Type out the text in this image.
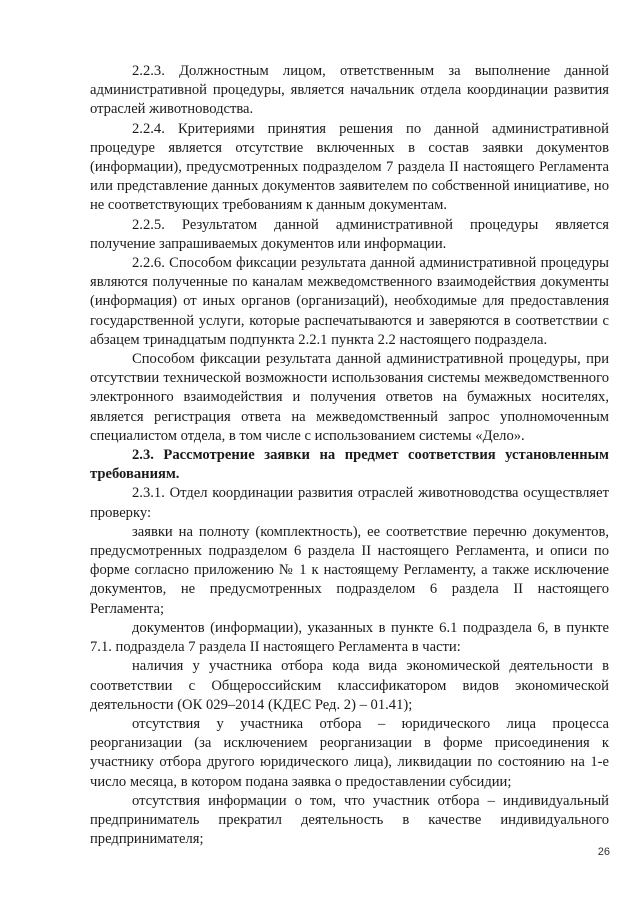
2.2.3. Должностным лицом, ответственным за выполнение данной административной процедуры, является начальник отдела координации развития отраслей животноводства.

2.2.4. Критериями принятия решения по данной административной процедуре является отсутствие включенных в состав заявки документов (информации), предусмотренных подразделом 7 раздела II настоящего Регламента или представление данных документов заявителем по собственной инициативе, но не соответствующих требованиям к данным документам.

2.2.5. Результатом данной административной процедуры является получение запрашиваемых документов или информации.

2.2.6. Способом фиксации результата данной административной процедуры являются полученные по каналам межведомственного взаимодействия документы (информация) от иных органов (организаций), необходимые для предоставления государственной услуги, которые распечатываются и заверяются в соответствии с абзацем тринадцатым подпункта 2.2.1 пункта 2.2 настоящего подраздела.

Способом фиксации результата данной административной процедуры, при отсутствии технической возможности использования системы межведомственного электронного взаимодействия и получения ответов на бумажных носителях, является регистрация ответа на межведомственный запрос уполномоченным специалистом отдела, в том числе с использованием системы «Дело».

2.3. Рассмотрение заявки на предмет соответствия установленным требованиям.

2.3.1. Отдел координации развития отраслей животноводства осуществляет проверку:

заявки на полноту (комплектность), ее соответствие перечню документов, предусмотренных подразделом 6 раздела II настоящего Регламента, и описи по форме согласно приложению № 1 к настоящему Регламенту, а также исключение документов, не предусмотренных подразделом 6 раздела II настоящего Регламента;

документов (информации), указанных в пункте 6.1 подраздела 6, в пункте 7.1. подраздела 7 раздела II настоящего Регламента в части:

наличия у участника отбора кода вида экономической деятельности в соответствии с Общероссийским классификатором видов экономической деятельности (ОК 029–2014 (КДЕС Ред. 2) – 01.41);

отсутствия у участника отбора – юридического лица процесса реорганизации (за исключением реорганизации в форме присоединения к участнику отбора другого юридического лица), ликвидации по состоянию на 1-е число месяца, в котором подана заявка о предоставлении субсидии;

отсутствия информации о том, что участник отбора – индивидуальный предприниматель прекратил деятельность в качестве индивидуального предпринимателя;

26
